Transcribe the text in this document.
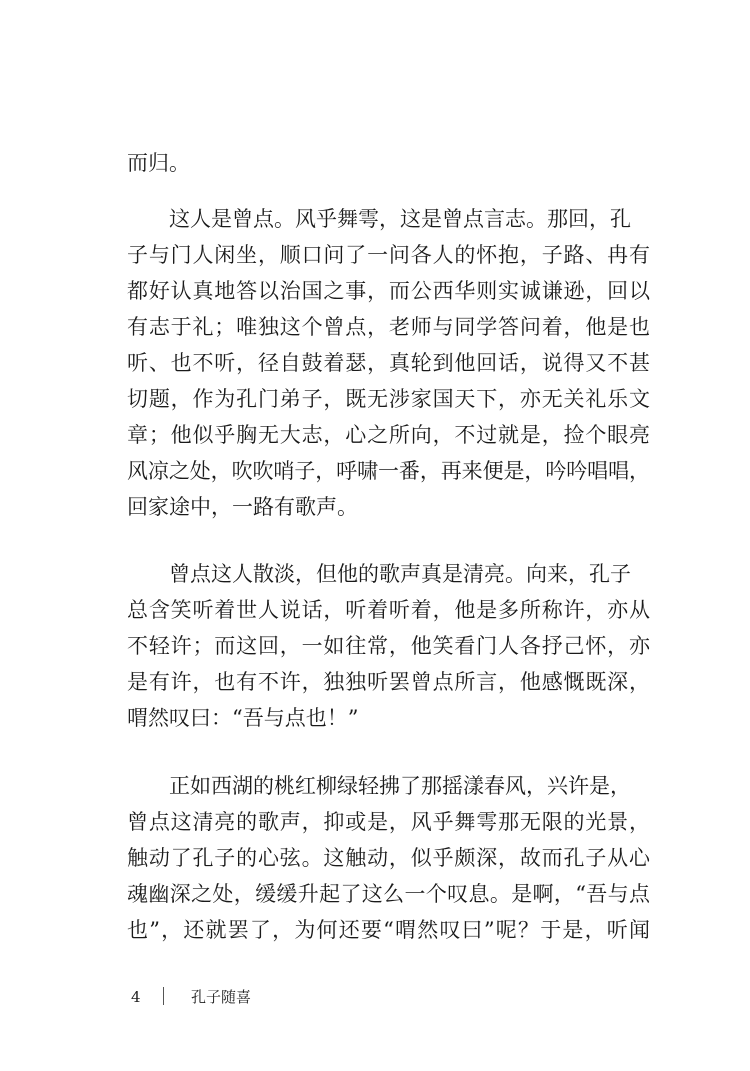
而归。
这人是曾点。风乎舞雩，这是曾点言志。那回，孔
子与门人闲坐，顺口问了一问各人的怀抱，子路、冉有
都好认真地答以治国之事，而公西华则实诚谦逊，回以
有志于礼；唯独这个曾点，老师与同学答问着，他是也
听、也不听，径自鼓着瑟，真轮到他回话，说得又不甚
切题，作为孔门弟子，既无涉家国天下，亦无关礼乐文
章；他似乎胸无大志，心之所向，不过就是，捡个眼亮
风凉之处，吹吹哨子，呼啸一番，再来便是，吟吟唱唱，
回家途中，一路有歌声。
曾点这人散淡，但他的歌声真是清亮。向来，孔子
总含笑听着世人说话，听着听着，他是多所称许，亦从
不轻许；而这回，一如往常，他笑看门人各抒己怀，亦
是有许，也有不许，独独听罢曾点所言，他感慨既深，
喟然叹曰：“吾与点也！”
正如西湖的桃红柳绿轻拂了那摇漾春风，兴许是，
曾点这清亮的歌声，抑或是，风乎舞雩那无限的光景，
触动了孔子的心弦。这触动，似乎颇深，故而孔子从心
魂幽深之处，缓缓升起了这么一个叹息。是啊，“吾与点
也”，还就罢了，为何还要“喟然叹曰”呢？于是，听闻
4	孔子随喜
